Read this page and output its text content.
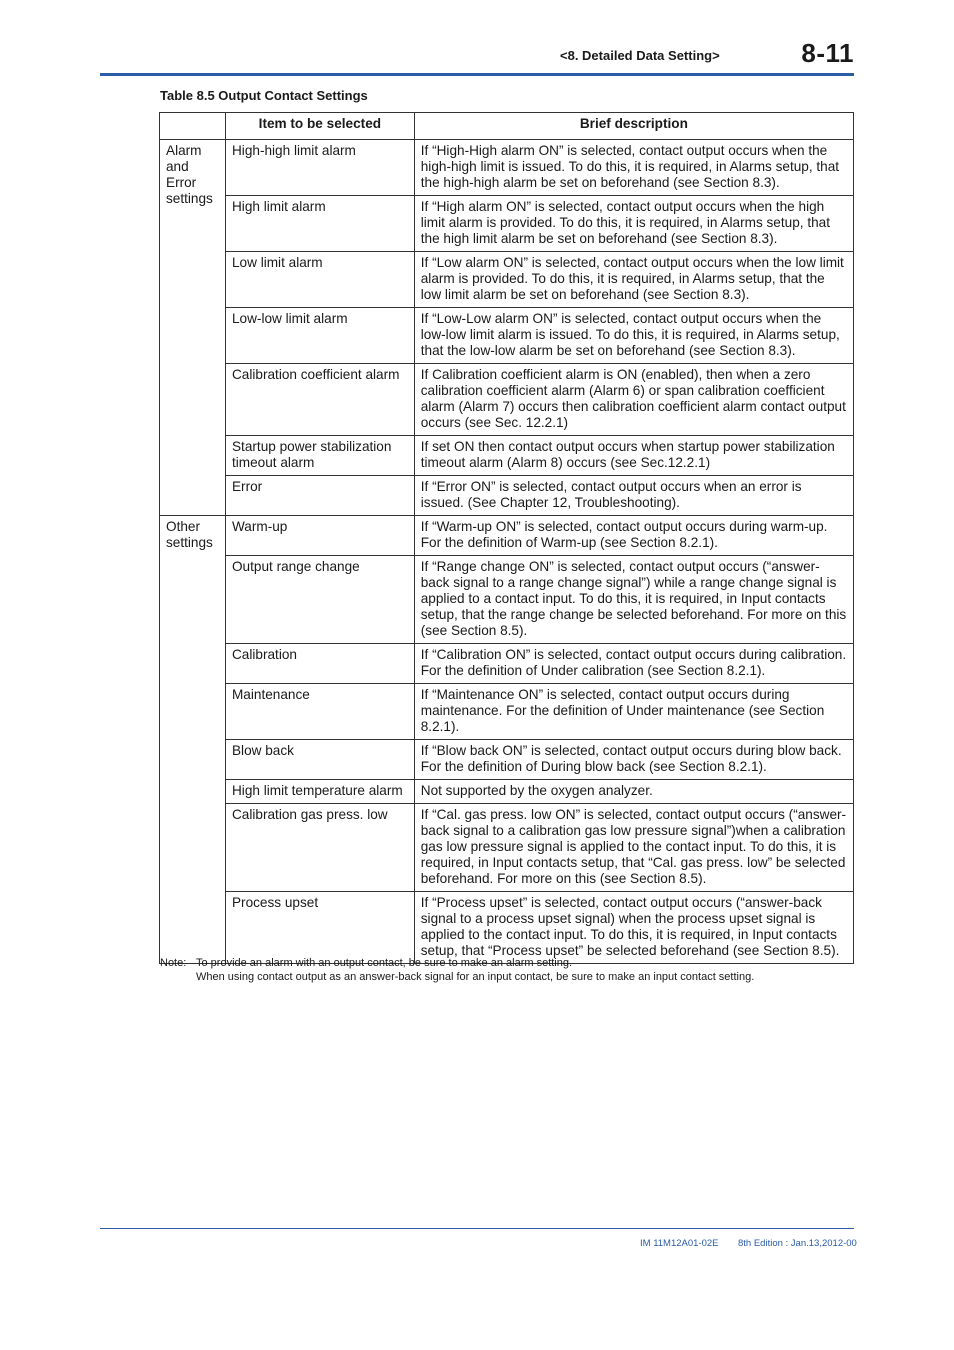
<8. Detailed Data Setting>	8-11
Table 8.5 Output Contact Settings
	Item to be selected	Brief description
Alarm and Error settings	High-high limit alarm	If “High-High alarm ON” is selected, contact output occurs when the high-high limit is issued. To do this, it is required, in Alarms setup, that the high-high alarm be set on beforehand (see Section 8.3).
	High limit alarm	If “High alarm ON” is selected, contact output occurs when the high limit alarm is provided. To do this, it is required, in Alarms setup, that the high limit alarm be set on beforehand (see Section 8.3).
	Low limit alarm	If “Low alarm ON” is selected, contact output occurs when the low limit alarm is provided. To do this, it is required, in Alarms setup, that the low limit alarm be set on beforehand (see Section 8.3).
	Low-low limit alarm	If “Low-Low alarm ON” is selected, contact output occurs when the low-low limit alarm is issued. To do this, it is required, in Alarms setup, that the low-low alarm be set on beforehand (see Section 8.3).
	Calibration coefficient alarm	If Calibration coefficient alarm is ON (enabled), then when a zero calibration coefficient alarm (Alarm 6) or span calibration coefficient alarm (Alarm 7) occurs then calibration coefficient alarm contact output occurs (see Sec. 12.2.1)
	Startup power stabilization timeout alarm	If set ON then contact output occurs when startup power stabilization timeout alarm (Alarm 8) occurs (see Sec.12.2.1)
	Error	If “Error ON” is selected, contact output occurs when an error is issued. (See Chapter 12, Troubleshooting).
Other settings	Warm-up	If “Warm-up ON” is selected, contact output occurs during warm-up. For the definition of Warm-up (see Section 8.2.1).
	Output range change	If “Range change ON” is selected, contact output occurs (“answer-back signal to a range change signal”) while a range change signal is applied to a contact input. To do this, it is required, in Input contacts setup, that the range change be selected beforehand. For more on this (see Section 8.5).
	Calibration	If “Calibration ON” is selected, contact output occurs during calibration. For the definition of Under calibration (see Section 8.2.1).
	Maintenance	If “Maintenance ON” is selected, contact output occurs during maintenance. For the definition of Under maintenance (see Section 8.2.1).
	Blow back	If “Blow back ON” is selected, contact output occurs during blow back. For the definition of During blow back (see Section 8.2.1).
	High limit temperature alarm	Not supported by the oxygen analyzer.
	Calibration gas press. low	If “Cal. gas press. low ON” is selected, contact output occurs (“answer-back signal to a calibration gas low pressure signal”)when a calibration gas low pressure signal is applied to the contact input. To do this, it is required, in Input contacts setup, that “Cal. gas press. low” be selected beforehand. For more on this (see Section 8.5).
	Process upset	If “Process upset” is selected, contact output occurs (“answer-back signal to a process upset signal) when the process upset signal is applied to the contact input. To do this, it is required, in Input contacts setup, that “Process upset” be selected beforehand (see Section 8.5).
Note: To provide an alarm with an output contact, be sure to make an alarm setting.
When using contact output as an answer-back signal for an input contact, be sure to make an input contact setting.
IM 11M12A01-02E 8th Edition : Jan.13,2012-00
